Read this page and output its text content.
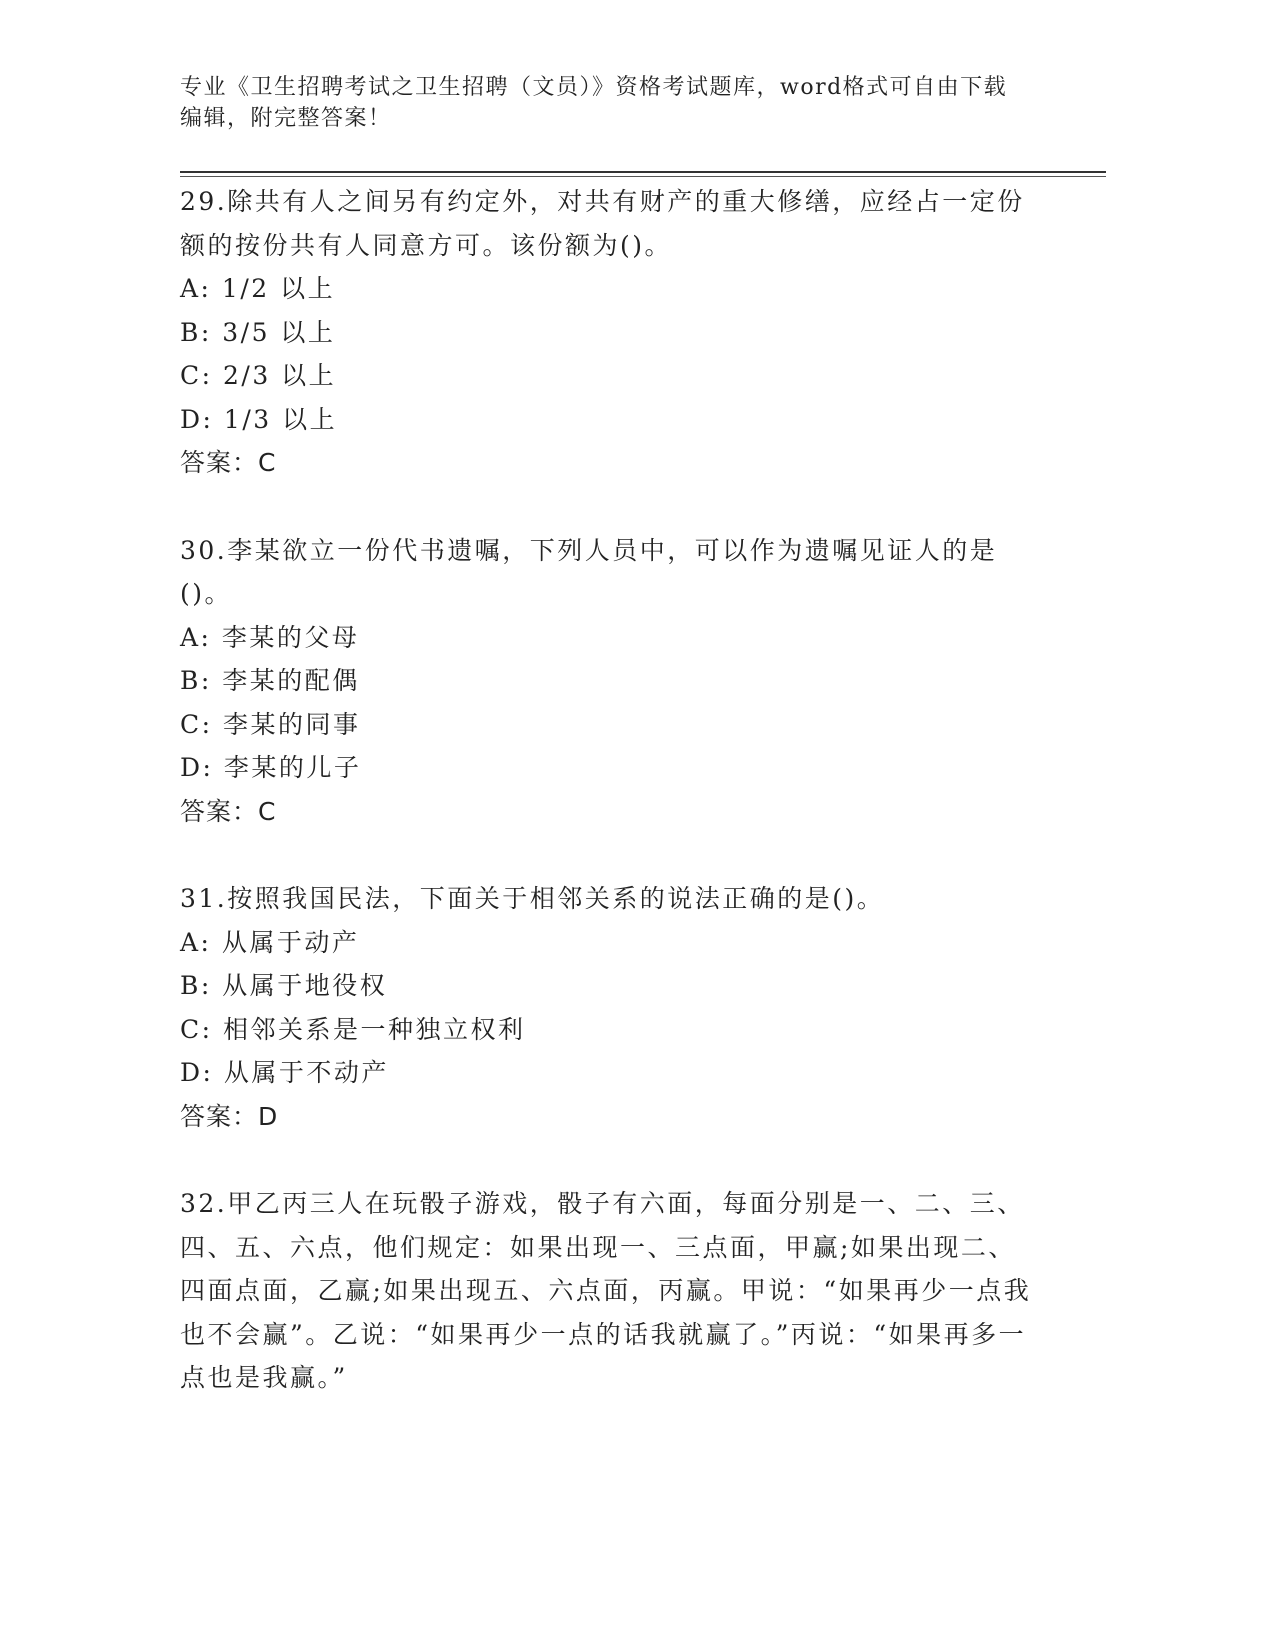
专业《卫生招聘考试之卫生招聘（文员）》资格考试题库，word格式可自由下载
编辑，附完整答案！

29.除共有人之间另有约定外，对共有财产的重大修缮，应经占一定份额的按份共有人同意方可。该份额为()。

A: 1/2 以上
B: 3/5 以上
C: 2/3 以上
D: 1/3 以上
答案：C

30.李某欲立一份代书遗嘱，下列人员中，可以作为遗嘱见证人的是()。

A: 李某的父母
B: 李某的配偶
C: 李某的同事
D: 李某的儿子
答案：C

31.按照我国民法，下面关于相邻关系的说法正确的是()。

A: 从属于动产
B: 从属于地役权
C: 相邻关系是一种独立权利
D: 从属于不动产
答案：D

32.甲乙丙三人在玩骰子游戏，骰子有六面，每面分别是一、二、三、四、五、六点，他们规定：如果出现一、三点面，甲赢;如果出现二、四面点面，乙赢;如果出现五、六点面，丙赢。甲说：“如果再少一点我也不会赢”。乙说：“如果再少一点的话我就赢了。”丙说：“如果再多一点也是我赢。”
